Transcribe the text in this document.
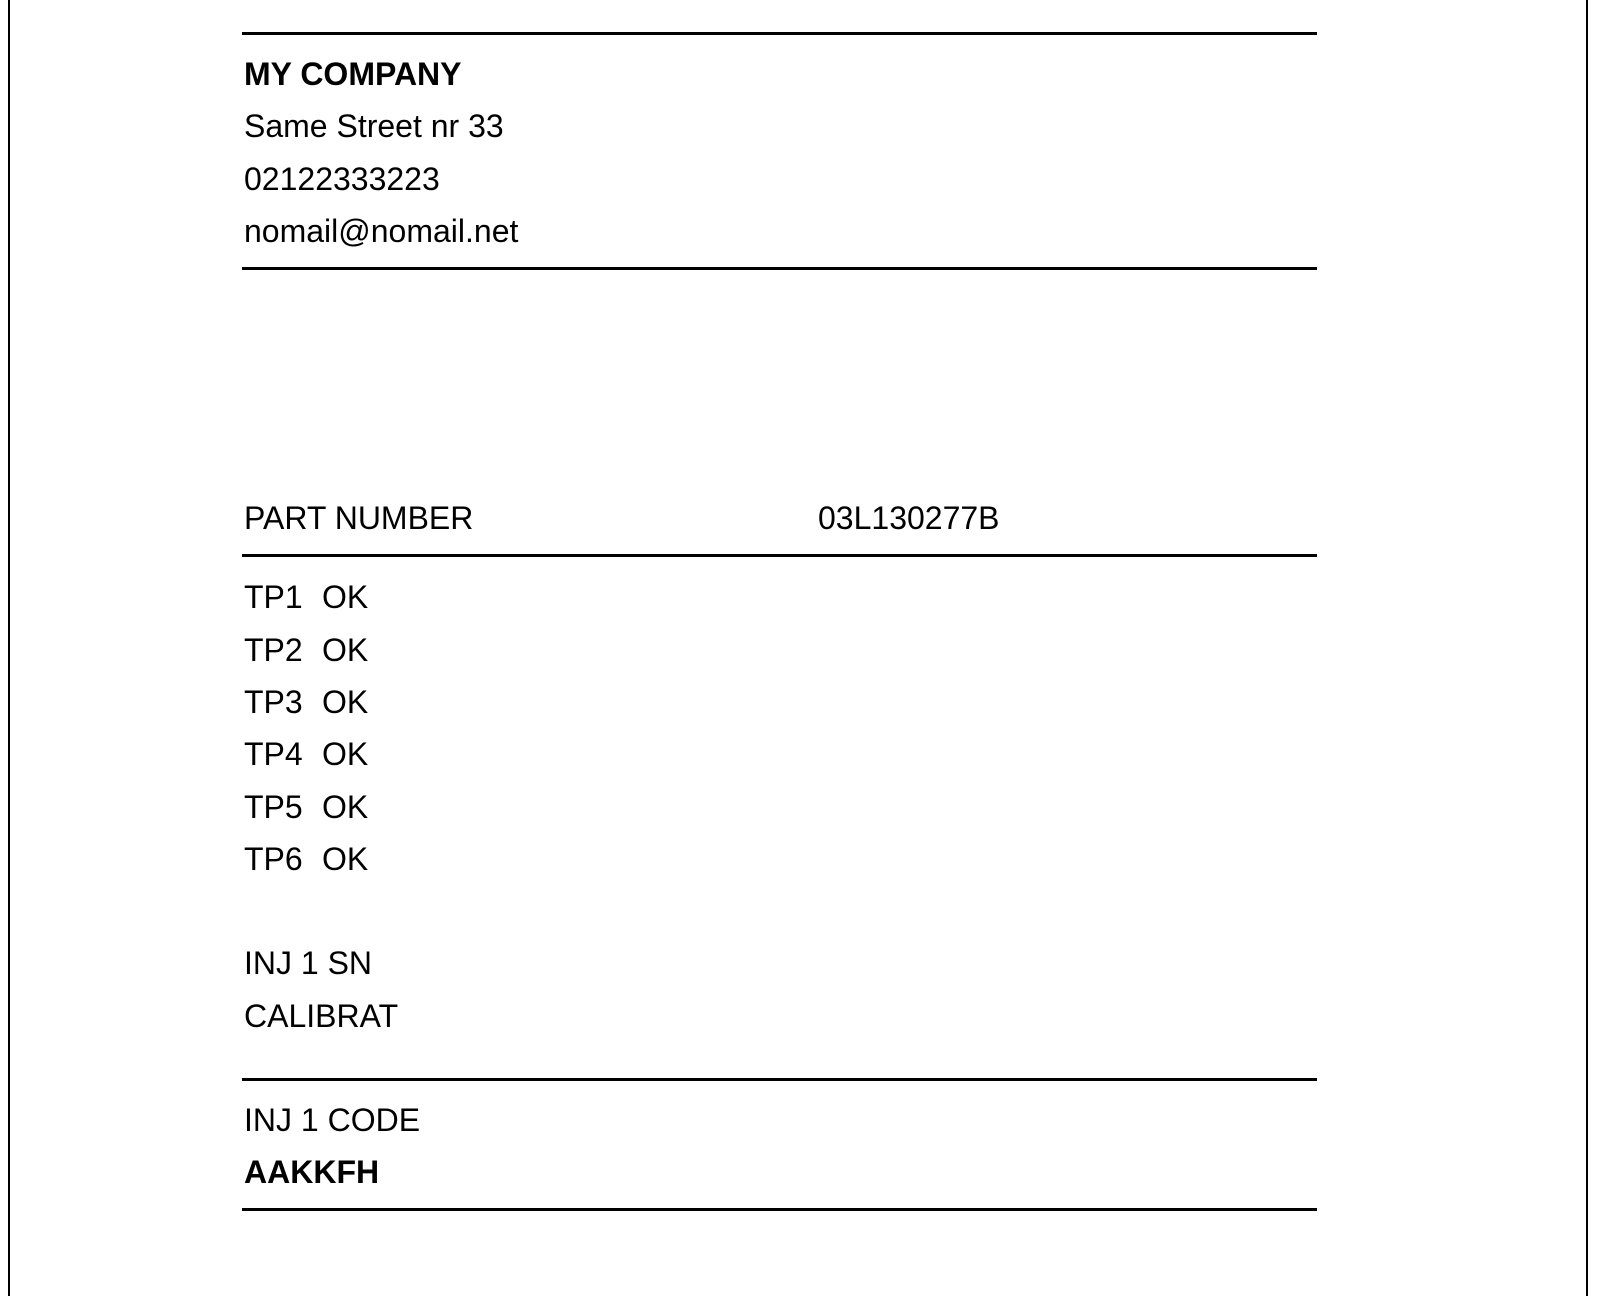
MY COMPANY
Same Street nr 33
02122333223
nomail@nomail.net
PART NUMBER	03L130277B
TP1 OK
TP2 OK
TP3 OK
TP4 OK
TP5 OK
TP6 OK
INJ 1 SN
CALIBRAT
INJ 1 CODE
AAKKFH
